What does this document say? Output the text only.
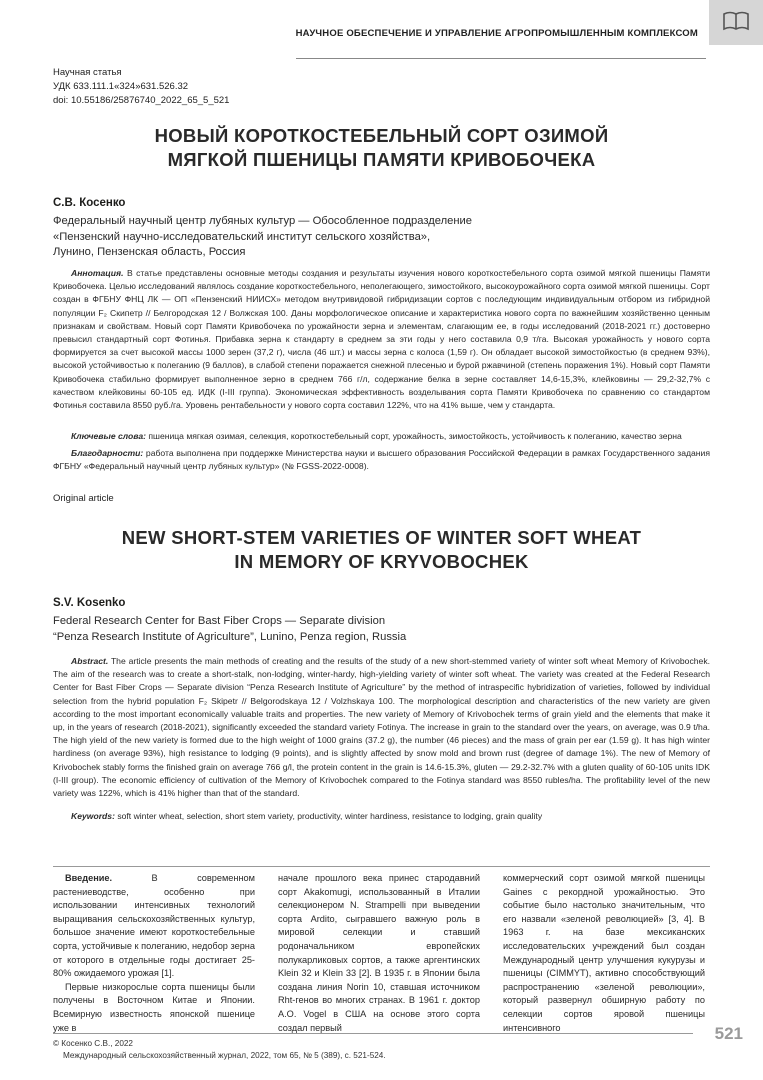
НАУЧНОЕ ОБЕСПЕЧЕНИЕ И УПРАВЛЕНИЕ АГРОПРОМЫШЛЕННЫМ КОМПЛЕКСОМ
Научная статья
УДК 633.111.1«324»631.526.32
doi: 10.55186/25876740_2022_65_5_521
НОВЫЙ КОРОТКОСТЕБЕЛЬНЫЙ СОРТ ОЗИМОЙ
МЯГКОЙ ПШЕНИЦЫ ПАМЯТИ КРИВОБОЧЕКА
С.В. Косенко
Федеральный научный центр лубяных культур — Обособленное подразделение
«Пензенский научно-исследовательский институт сельского хозяйства»,
Лунино, Пензенская область, Россия
Аннотация. В статье представлены основные методы создания и результаты изучения нового короткостебельного сорта озимой мягкой пшеницы Памяти Кривобочека. Целью исследований являлось создание короткостебельного, неполегающего, зимостойкого, высокоурожайного сорта озимой мягкой пшеницы. Сорт создан в ФГБНУ ФНЦ ЛК — ОП «Пензенский НИИСХ» методом внутривидовой гибридизации сортов с последующим индивидуальным отбором из гибридной популяции F₂ Скипетр // Белгородская 12 / Волжская 100. Даны морфологическое описание и характеристика нового сорта по важнейшим хозяйственно ценным признакам и свойствам. Новый сорт Памяти Кривобочека по урожайности зерна и элементам, слагающим ее, в годы исследований (2018-2021 гг.) достоверно превысил стандартный сорт Фотинья. Прибавка зерна к стандарту в среднем за эти годы у него составила 0,9 т/га. Высокая урожайность у нового сорта формируется за счет высокой массы 1000 зерен (37,2 г), числа (46 шт.) и массы зерна с колоса (1,59 г). Он обладает высокой зимостойкостью (в среднем 93%), высокой устойчивостью к полеганию (9 баллов), в слабой степени поражается снежной плесенью и бурой ржавчиной (степень поражения 1%). Новый сорт Памяти Кривобочека стабильно формирует выполненное зерно в среднем 766 г/л, содержание белка в зерне составляет 14,6-15,3%, клейковины — 29,2-32,7% с качеством клейковины 60-105 ед. ИДК (I-III группа). Экономическая эффективность возделывания сорта Памяти Кривобочека по сравнению со стандартом Фотинья составила 8550 руб./га. Уровень рентабельности у нового сорта составил 122%, что на 41% выше, чем у стандарта.
Ключевые слова: пшеница мягкая озимая, селекция, короткостебельный сорт, урожайность, зимостойкость, устойчивость к полеганию, качество зерна
Благодарности: работа выполнена при поддержке Министерства науки и высшего образования Российской Федерации в рамках Государственного задания ФГБНУ «Федеральный научный центр лубяных культур» (№ FGSS-2022-0008).
Original article
NEW SHORT-STEM VARIETIES OF WINTER SOFT WHEAT
IN MEMORY OF KRYVOBOCHEK
S.V. Kosenko
Federal Research Center for Bast Fiber Crops — Separate division
“Penza Research Institute of Agriculture”, Lunino, Penza region, Russia
Abstract. The article presents the main methods of creating and the results of the study of a new short-stemmed variety of winter soft wheat Memory of Krivobochek. The aim of the research was to create a short-stalk, non-lodging, winter-hardy, high-yielding variety of winter soft wheat. The variety was created at the Federal Research Center for Bast Fiber Crops — Separate division “Penza Research Institute of Agriculture” by the method of intraspecific hybridization of varieties, followed by individual selection from the hybrid population F₂ Skipetr // Belgorodskaya 12 / Volzhskaya 100. The morphological description and characteristics of the new variety are given according to the most important economically valuable traits and properties. The new variety of Memory of Krivobochek terms of grain yield and the elements that make it up, in the years of research (2018-2021), significantly exceeded the standard variety Fotinya. The increase in grain to the standard over the years, on average, was 0.9 t/ha. The high yield of the new variety is formed due to the high weight of 1000 grains (37.2 g), the number (46 pieces) and the mass of grain per ear (1.59 g). It has high winter hardiness (on average 93%), high resistance to lodging (9 points), and is slightly affected by snow mold and brown rust (degree of damage 1%). The new of Memory of Krivobochek stably forms the finished grain on average 766 g/l, the protein content in the grain is 14.6-15.3%, gluten — 29.2-32.7% with a gluten quality of 60-105 units IDK (I-III group). The economic efficiency of cultivation of the Memory of Krivobochek compared to the Fotinya standard was 8550 rubles/ha. The profitability level of the new variety was 122%, which is 41% higher than that of the standard.
Keywords: soft winter wheat, selection, short stem variety, productivity, winter hardiness, resistance to lodging, grain quality

Введение.	В современном растениеводстве, особенно при использовании интенсивных технологий выращивания сельскохозяйственных культур, большое значение имеют короткостебельные сорта, устойчивые к полеганию, недобор зерна от которого в отдельные годы достигает 25-80% ожидаемого урожая [1].

Первые низкорослые сорта пшеницы были получены в Восточном Китае и Японии. Всемирную известность японской пшенице уже в

начале прошлого века принес стародавний сорт Akakomugi, использованный в Италии селекционером N. Strampelli при выведении сорта Ardito, сыгравшего важную роль в мировой селекции и ставший родоначальником европейских полукарликовых сортов, а также аргентинских Klein 32 и Klein 33 [2]. В 1935 г. в Японии была создана линия Norin 10, ставшая источником Rht-генов во многих странах. В 1961 г. доктор А.О. Vogel в США на основе этого сорта создал первый

коммерческий сорт озимой мягкой пшеницы Gaines с рекордной урожайностью. Это событие было настолько значительным, что его назвали «зеленой революцией» [3, 4]. В 1963 г. на базе мексиканских исследовательских учреждений был создан Международный центр улучшения кукурузы и пшеницы (CIMMYT), активно способствующий распространению «зеленой революции», который развернул обширную работу по селекции сортов яровой пшеницы интенсивного

© Косенко С.В., 2022
Международный сельскохозяйственный журнал, 2022, том 65, № 5 (389), с. 521-524.
521
